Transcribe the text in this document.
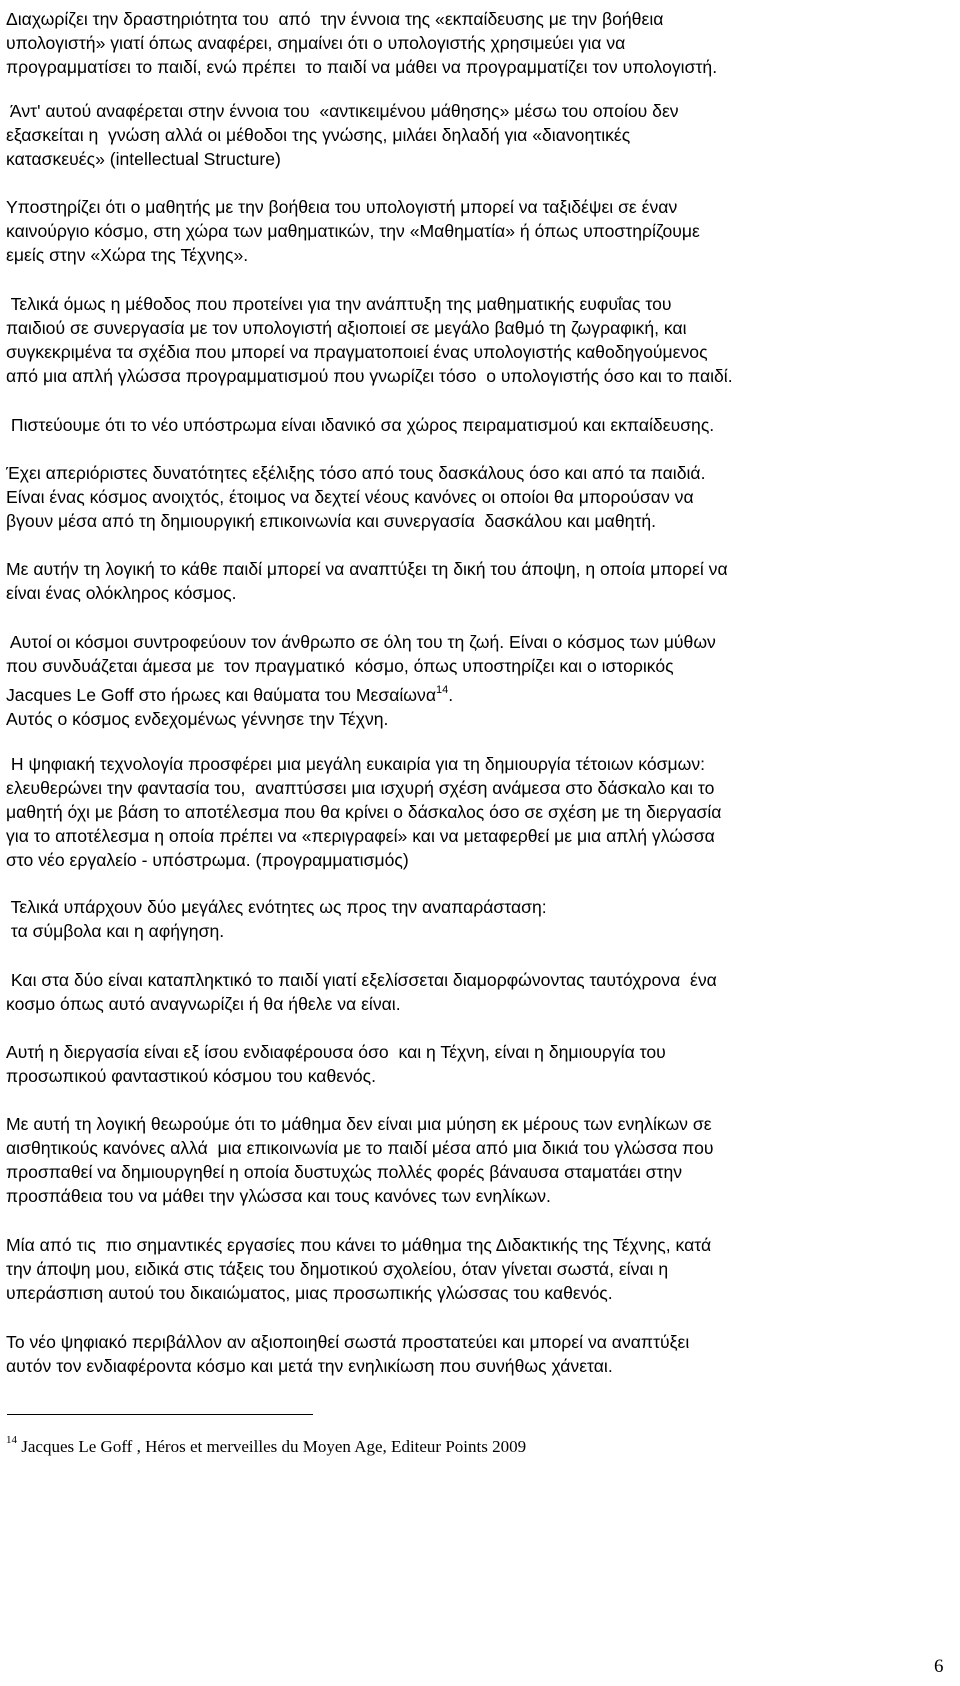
Διαχωρίζει την δραστηριότητα του  από  την έννοια της «εκπαίδευσης με την βοήθεια
υπολογιστή» γιατί όπως αναφέρει, σημαίνει ότι ο υπολογιστής χρησιμεύει για να
προγραμματίσει το παιδί, ενώ πρέπει  το παιδί να μάθει να προγραμματίζει τον υπολογιστή.

Άντ' αυτού αναφέρεται στην έννοια του  «αντικειμένου μάθησης» μέσω του οποίου δεν
εξασκείται η  γνώση αλλά οι μέθοδοι της γνώσης, μιλάει δηλαδή για «διανοητικές
κατασκευές» (intellectual Structure)

Υποστηρίζει ότι ο μαθητής με την βοήθεια του υπολογιστή μπορεί να ταξιδέψει σε έναν
καινούργιο κόσμο, στη χώρα των μαθηματικών, την «Μαθηματία» ή όπως υποστηρίζουμε
εμείς στην «Χώρα της Τέχνης».

Τελικά όμως η μέθοδος που προτείνει για την ανάπτυξη της μαθηματικής ευφυΐας του
παιδιού σε συνεργασία με τον υπολογιστή αξιοποιεί σε μεγάλο βαθμό τη ζωγραφική, και
συγκεκριμένα τα σχέδια που μπορεί να πραγματοποιεί ένας υπολογιστής καθοδηγούμενος
από μια απλή γλώσσα προγραμματισμού που γνωρίζει τόσο  ο υπολογιστής όσο και το παιδί.

Πιστεύουμε ότι το νέο υπόστρωμα είναι ιδανικό σα χώρος πειραματισμού και εκπαίδευσης.

Έχει απεριόριστες δυνατότητες εξέλιξης τόσο από τους δασκάλους όσο και από τα παιδιά.
Είναι ένας κόσμος ανοιχτός, έτοιμος να δεχτεί νέους κανόνες οι οποίοι θα μπορούσαν να
βγουν μέσα από τη δημιουργική επικοινωνία και συνεργασία  δασκάλου και μαθητή.

Με αυτήν τη λογική το κάθε παιδί μπορεί να αναπτύξει τη δική του άποψη, η οποία μπορεί να
είναι ένας ολόκληρος κόσμος.

Αυτοί οι κόσμοι συντροφεύουν τον άνθρωπο σε όλη του τη ζωή. Είναι ο κόσμος των μύθων
που συνδυάζεται άμεσα με  τον πραγματικό  κόσμο, όπως υποστηρίζει και ο ιστορικός
Jacques Le Goff στο ήρωες και θαύματα του Μεσαίωνα$^{14}$.
Αυτός ο κόσμος ενδεχομένως γέννησε την Τέχνη.

Η ψηφιακή τεχνολογία προσφέρει μια μεγάλη ευκαιρία για τη δημιουργία τέτοιων κόσμων:
ελευθερώνει την φαντασία του,  αναπτύσσει μια ισχυρή σχέση ανάμεσα στο δάσκαλο και το
μαθητή όχι με βάση το αποτέλεσμα που θα κρίνει ο δάσκαλος όσο σε σχέση με τη διεργασία
για το αποτέλεσμα η οποία πρέπει να «περιγραφεί» και να μεταφερθεί με μια απλή γλώσσα
στο νέο εργαλείο - υπόστρωμα. (προγραμματισμός)

Τελικά υπάρχουν δύο μεγάλες ενότητες ως προς την αναπαράσταση:
τα σύμβολα και η αφήγηση.

Και στα δύο είναι καταπληκτικό το παιδί γιατί εξελίσσεται διαμορφώνοντας ταυτόχρονα  ένα
κοσμο όπως αυτό αναγνωρίζει ή θα ήθελε να είναι.

Αυτή η διεργασία είναι εξ ίσου ενδιαφέρουσα όσο  και η Τέχνη, είναι η δημιουργία του
προσωπικού φανταστικού κόσμου του καθενός.

Με αυτή τη λογική θεωρούμε ότι το μάθημα δεν είναι μια μύηση εκ μέρους των ενηλίκων σε
αισθητικούς κανόνες αλλά  μια επικοινωνία με το παιδί μέσα από μια δικιά του γλώσσα που
προσπαθεί να δημιουργηθεί η οποία δυστυχώς πολλές φορές βάναυσα σταματάει στην
προσπάθεια του να μάθει την γλώσσα και τους κανόνες των ενηλίκων.

Μία από τις  πιο σημαντικές εργασίες που κάνει το μάθημα της Διδακτικής της Τέχνης, κατά
την άποψη μου, ειδικά στις τάξεις του δημοτικού σχολείου, όταν γίνεται σωστά, είναι η
υπεράσπιση αυτού του δικαιώματος, μιας προσωπικής γλώσσας του καθενός.

Το νέο ψηφιακό περιβάλλον αν αξιοποιηθεί σωστά προστατεύει και μπορεί να αναπτύξει
αυτόν τον ενδιαφέροντα κόσμο και μετά την ενηλικίωση που συνήθως χάνεται.

$^{14}$ Jacques Le Goff , Héros et merveilles du Moyen Age, Editeur Points 2009
6
